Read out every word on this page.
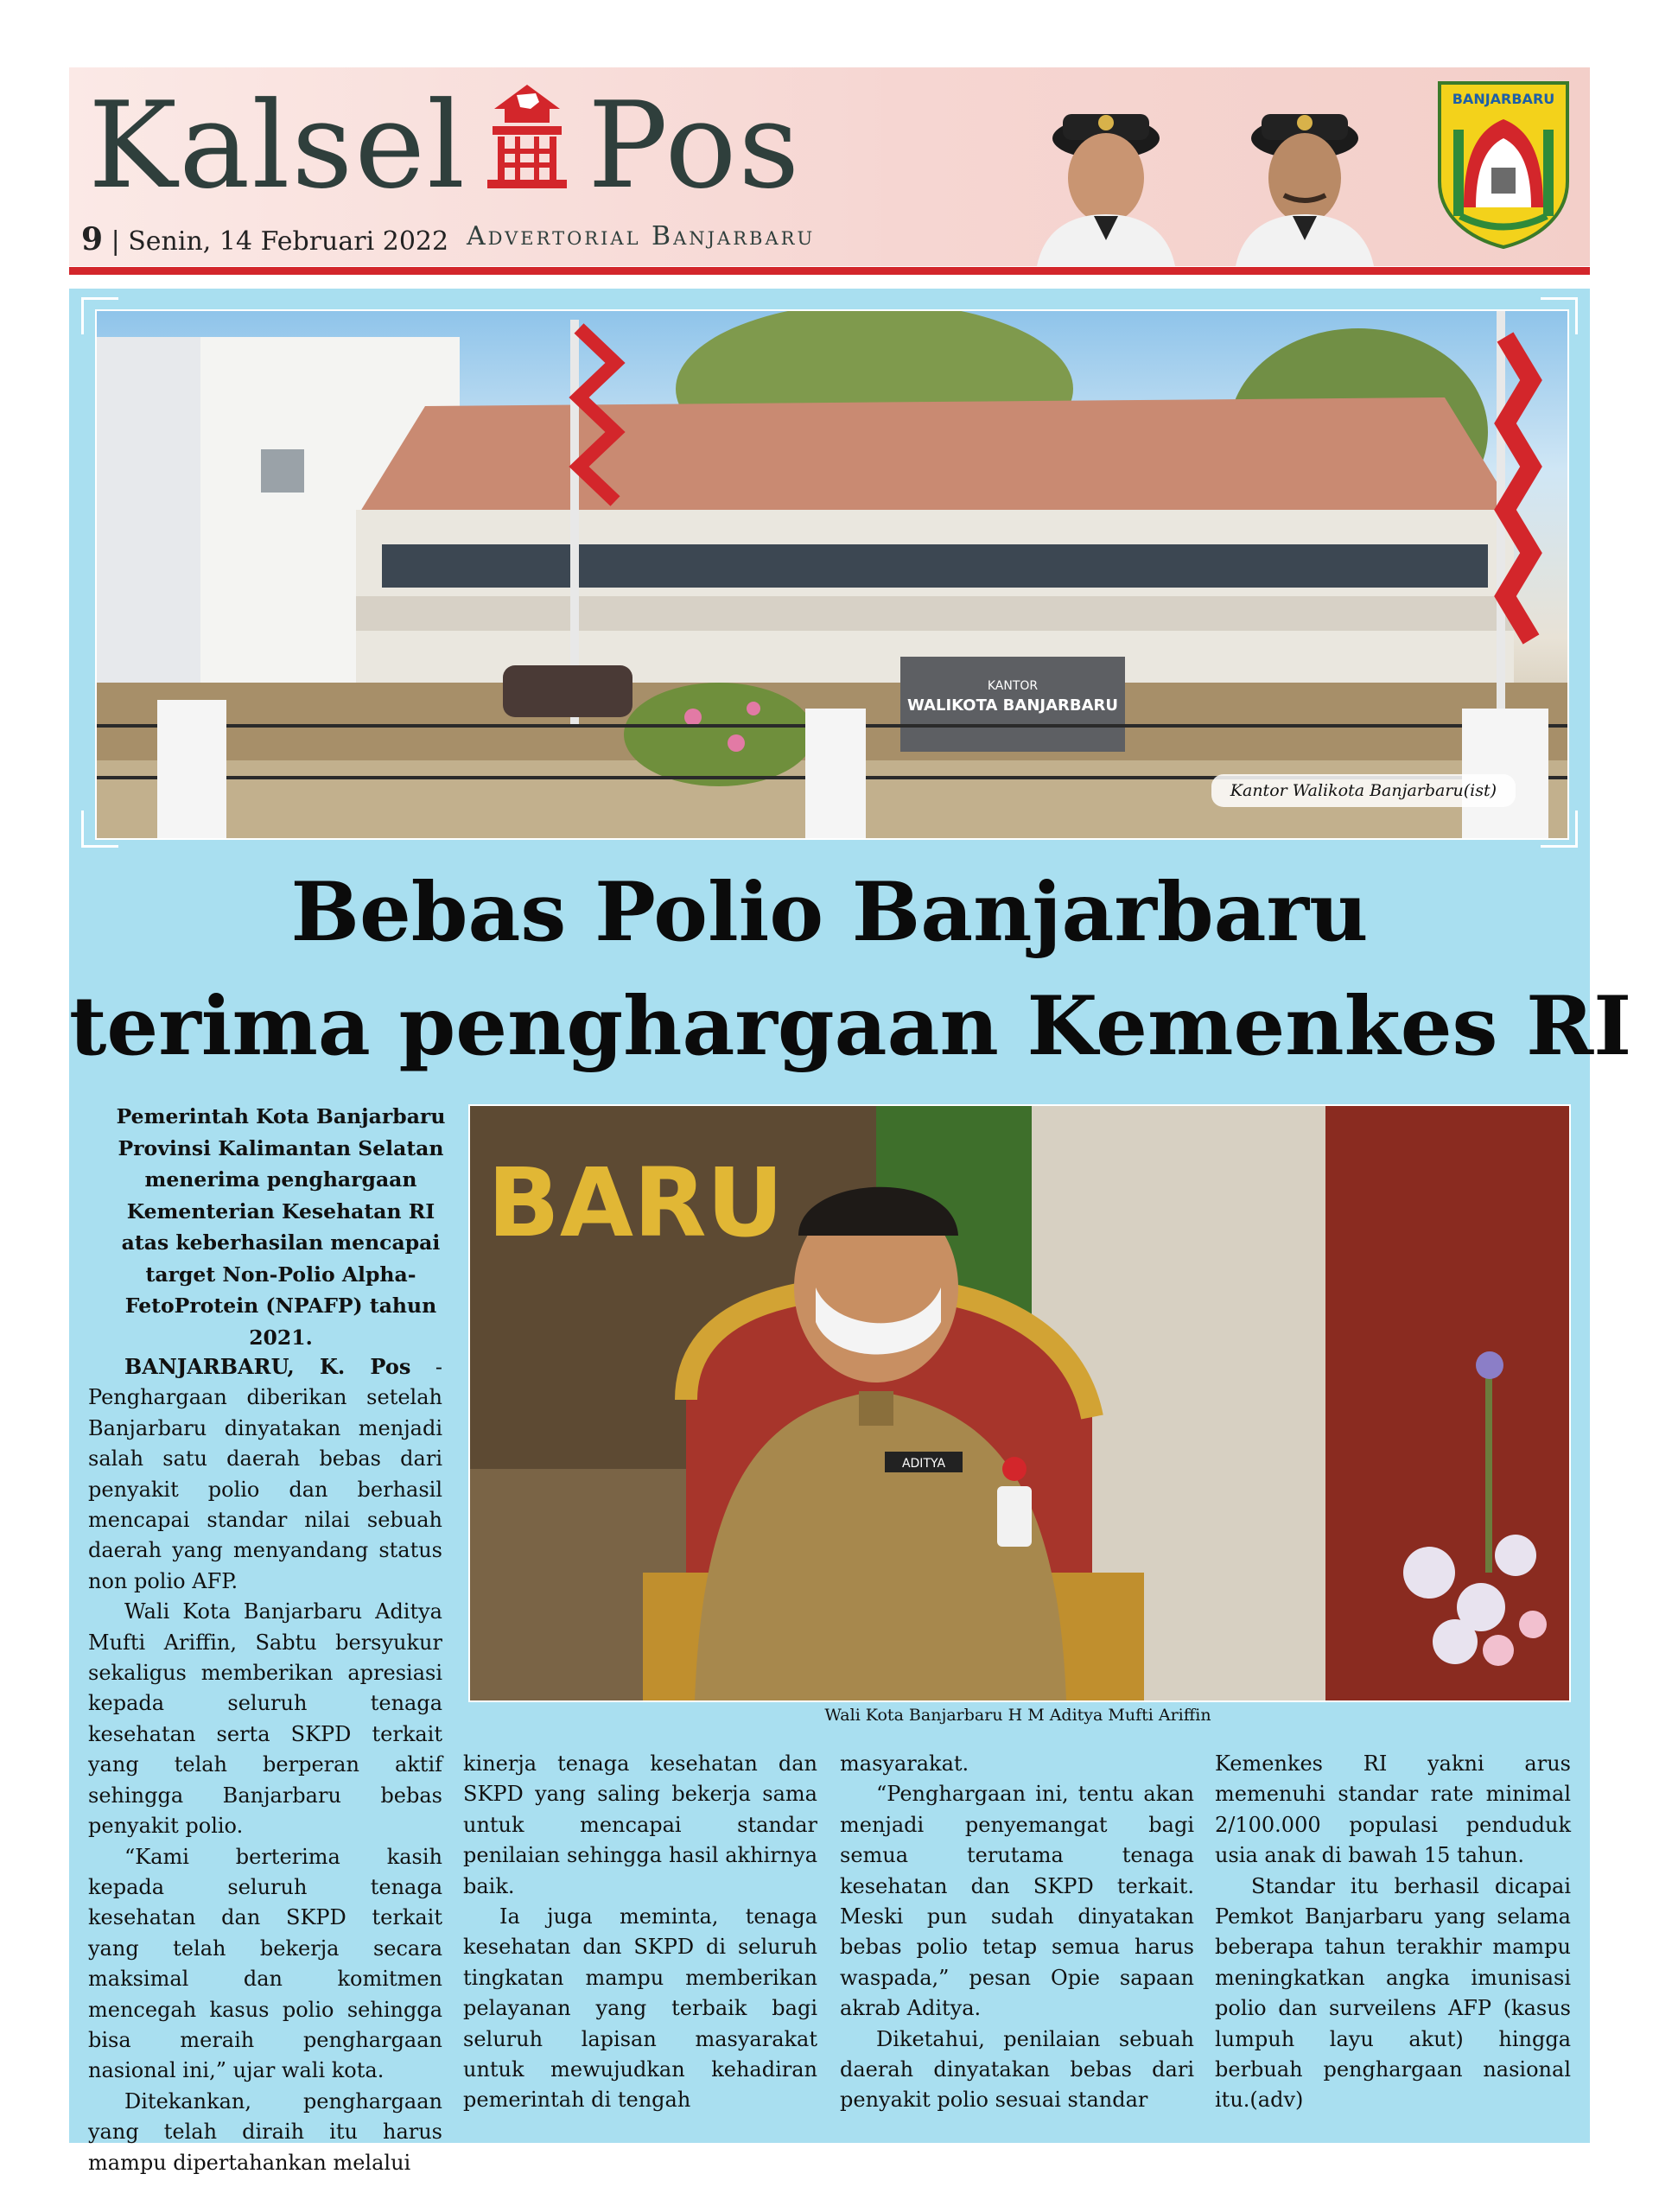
Kalsel Pos
9 | Senin, 14 Februari 2022 Advertorial Banjarbaru
BANJARBARU
KANTOR
WALIKOTA BANJARBARU
Kantor Walikota Banjarbaru(ist)
Bebas Polio Banjarbaru
terima penghargaan Kemenkes RI
Pemerintah Kota Banjarbaru Provinsi Kalimantan Selatan menerima penghargaan Kementerian Kesehatan RI atas keberhasilan mencapai target Non-Polio Alpha-FetoProtein (NPAFP) tahun 2021.
BARU
ADITYA
Wali Kota Banjarbaru H M Aditya Mufti Ariffin

BANJARBARU, K. Pos - Penghargaan diberikan setelah Banjarbaru dinyatakan menjadi salah satu daerah bebas dari penyakit polio dan berhasil mencapai standar nilai sebuah daerah yang menyandang status non polio AFP.

Wali Kota Banjarbaru Aditya Mufti Ariffin, Sabtu bersyukur sekaligus memberikan apresiasi kepada seluruh tenaga kesehatan serta SKPD terkait yang telah berperan aktif sehingga Banjarbaru bebas penyakit polio.

“Kami berterima kasih kepada seluruh tenaga kesehatan dan SKPD terkait yang telah bekerja secara maksimal dan komitmen mencegah kasus polio sehingga bisa meraih penghargaan nasional ini,” ujar wali kota.

Ditekankan, penghargaan yang telah diraih itu harus mampu dipertahankan melalui

kinerja tenaga kesehatan dan SKPD yang saling bekerja sama untuk mencapai standar penilaian sehingga hasil akhirnya baik.

Ia juga meminta, tenaga kesehatan dan SKPD di seluruh tingkatan mampu memberikan pelayanan yang terbaik bagi seluruh lapisan masyarakat untuk mewujudkan kehadiran pemerintah di tengah

masyarakat.

“Penghargaan ini, tentu akan menjadi penyemangat bagi semua terutama tenaga kesehatan dan SKPD terkait. Meski pun sudah dinyatakan bebas polio tetap semua harus waspada,” pesan Opie sapaan akrab Aditya.

Diketahui, penilaian sebuah daerah dinyatakan bebas dari penyakit polio sesuai standar

Kemenkes RI yakni arus memenuhi standar rate minimal 2/100.000 populasi penduduk usia anak di bawah 15 tahun.

Standar itu berhasil dicapai Pemkot Banjarbaru yang selama beberapa tahun terakhir mampu meningkatkan angka imunisasi polio dan surveilens AFP (kasus lumpuh layu akut) hingga berbuah penghargaan nasional itu.(adv)
